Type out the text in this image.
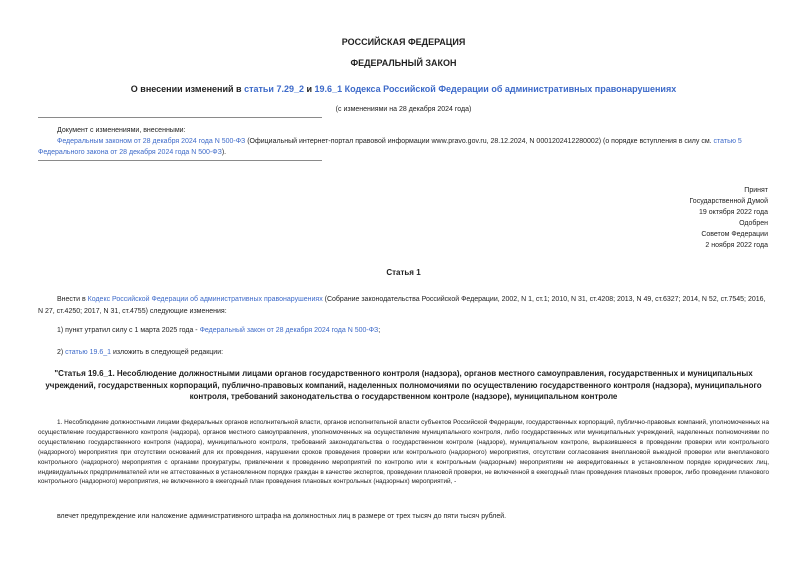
РОССИЙСКАЯ ФЕДЕРАЦИЯ
ФЕДЕРАЛЬНЫЙ ЗАКОН
О внесении изменений в статьи 7.29_2 и 19.6_1 Кодекса Российской Федерации об административных правонарушениях
(с изменениями на 28 декабря 2024 года)
Документ с изменениями, внесенными:
Федеральным законом от 28 декабря 2024 года N 500-ФЗ (Официальный интернет-портал правовой информации www.pravo.gov.ru, 28.12.2024, N 0001202412280002) (о порядке вступления в силу см. статью 5 Федерального закона от 28 декабря 2024 года N 500-ФЗ).
Принят
Государственной Думой
19 октября 2022 года
Одобрен
Советом Федерации
2 ноября 2022 года
Статья 1
Внести в Кодекс Российской Федерации об административных правонарушениях (Собрание законодательства Российской Федерации, 2002, N 1, ст.1; 2010, N 31, ст.4208; 2013, N 49, ст.6327; 2014, N 52, ст.7545; 2016, N 27, ст.4250; 2017, N 31, ст.4755) следующие изменения:
1) пункт утратил силу с 1 марта 2025 года - Федеральный закон от 28 декабря 2024 года N 500-ФЗ;
2) статью 19.6_1 изложить в следующей редакции:
"Статья 19.6_1. Несоблюдение должностными лицами органов государственного контроля (надзора), органов местного самоуправления, государственных и муниципальных учреждений, государственных корпораций, публично-правовых компаний, наделенных полномочиями по осуществлению государственного контроля (надзора), муниципального контроля, требований законодательства о государственном контроле (надзоре), муниципальном контроле
1. Несоблюдение должностными лицами федеральных органов исполнительной власти, органов исполнительной власти субъектов Российской Федерации, государственных корпораций, публично-правовых компаний, уполномоченных на осуществление государственного контроля (надзора), органов местного самоуправления, уполномоченных на осуществление муниципального контроля, либо государственных или муниципальных учреждений, наделенных полномочиями по осуществлению государственного контроля (надзора), муниципального контроля, требований законодательства о государственном контроле (надзоре), муниципальном контроле, выразившееся в проведении проверки или контрольного (надзорного) мероприятия при отсутствии оснований для их проведения, нарушении сроков проведения проверки или контрольного (надзорного) мероприятия, отсутствии согласования внеплановой выездной проверки или внепланового контрольного (надзорного) мероприятия с органами прокуратуры, привлечении к проведению мероприятий по контролю или к контрольным (надзорным) мероприятиям не аккредитованных в установленном порядке юридических лиц, индивидуальных предпринимателей или не аттестованных в установленном порядке граждан в качестве экспертов, проведении плановой проверки, не включенной в ежегодный план проведения плановых проверок, либо проведении планового контрольного (надзорного) мероприятия, не включенного в ежегодный план проведения плановых контрольных (надзорных) мероприятий, -
влечет предупреждение или наложение административного штрафа на должностных лиц в размере от трех тысяч до пяти тысяч рублей.
